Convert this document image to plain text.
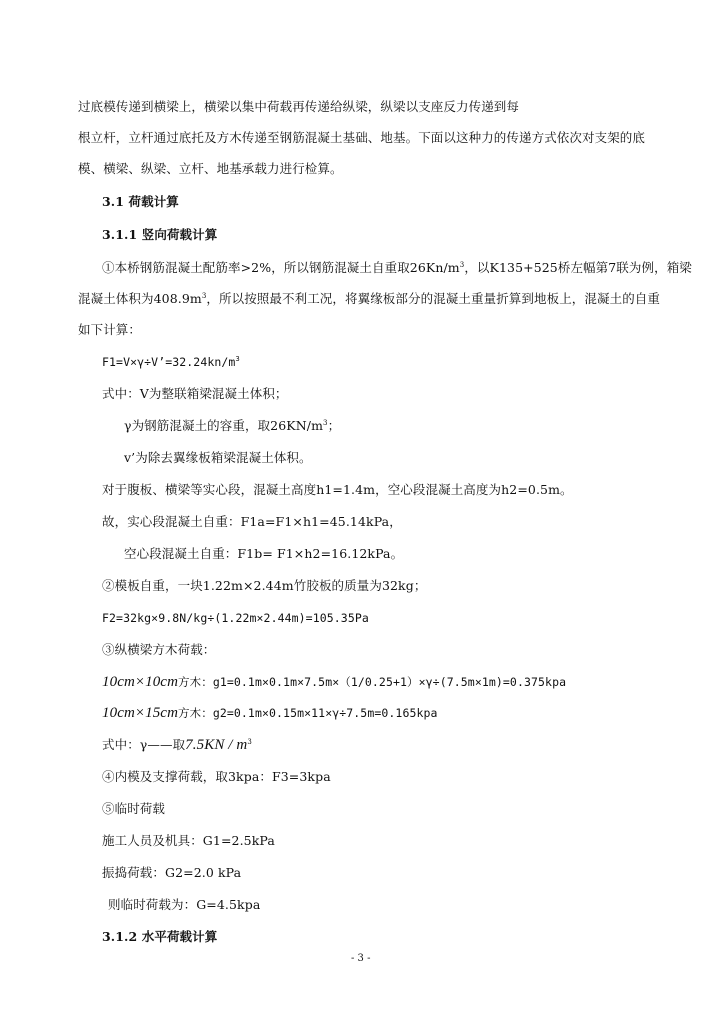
过底模传递到横梁上，横梁以集中荷载再传递给纵梁，纵梁以支座反力传递到每
根立杆，立杆通过底托及方木传递至钢筋混凝土基础、地基。下面以这种力的传递方式依次对支架的底
模、横梁、纵梁、立杆、地基承载力进行检算。
3.1 荷载计算
3.1.1 竖向荷载计算
①本桥钢筋混凝土配筋率>2%，所以钢筋混凝土自重取$26Kn/m^3$，以K135+525桥左幅第7联为例，箱梁
混凝土体积为$408.9m^3$，所以按照最不利工况，将翼缘板部分的混凝土重量折算到地板上，混凝土的自重
如下计算：
$F1=V\times\gamma\div V’=32.24kn/m^3$
式中：V为整联箱梁混凝土体积；
γ为钢筋混凝土的容重，取$26KN/m^3$；
v’为除去翼缘板箱梁混凝土体积。
对于腹板、横梁等实心段，混凝土高度h1=1.4m，空心段混凝土高度为h2=0.5m。
故，实心段混凝土自重：F1a=F1×h1=45.14kPa，
空心段混凝土自重：F1b= F1×h2=16.12kPa。
②模板自重，一块1.22m×2.44m竹胶板的质量为32kg；
F2=32kg×9.8N/kg÷(1.22m×2.44m)=105.35Pa
③纵横梁方木荷载：
10cm×10cm方木：g1=0.1m×0.1m×7.5m×（1/0.25+1）×γ÷(7.5m×1m)=0.375kpa
10cm×15cm方木：g2=0.1m×0.15m×11×γ÷7.5m=0.165kpa
式中：γ——取$7.5KN / m^3$
④内模及支撑荷载，取3kpa：F3=3kpa
⑤临时荷载
施工人员及机具：G1=2.5kPa
振捣荷载：G2=2.0 kPa
则临时荷载为：G=4.5kpa
3.1.2 水平荷载计算
- 3 -
